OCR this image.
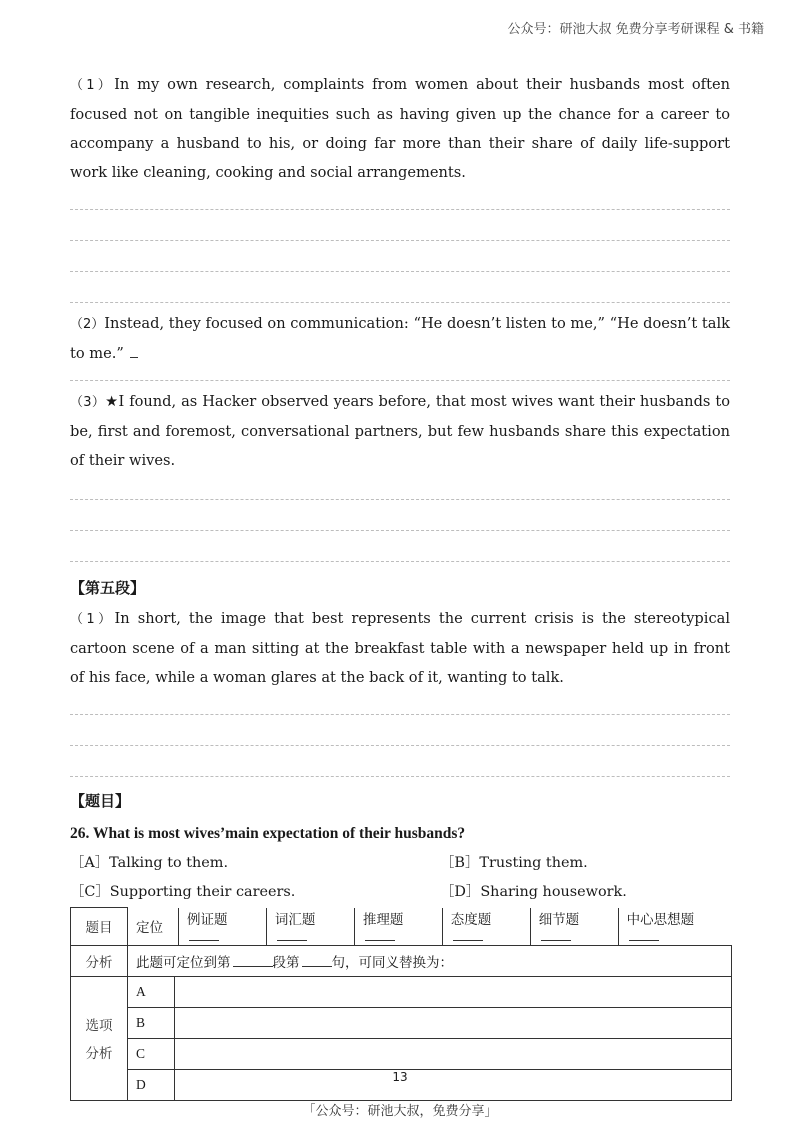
公众号：研池大叔 免费分享考研课程 & 书籍

（1）In my own research, complaints from women about their husbands most often focused not on tangible inequities such as having given up the chance for a career to accompany a husband to his, or doing far more than their share of daily life-support work like cleaning, cooking and social arrangements.

（2）Instead, they focused on communication: “He doesn’t listen to me,” “He doesn’t talk to me.”

（3）★I found, as Hacker observed years before, that most wives want their husbands to be, first and foremost, conversational partners, but few husbands share this expectation of their wives.

【第五段】

（1）In short, the image that best represents the current crisis is the stereotypical cartoon scene of a man sitting at the breakfast table with a newspaper held up in front of his face, while a woman glares at the back of it, wanting to talk.

【题目】
26. What is most wives’main expectation of their husbands?
［A］Talking to them.	［B］Trusting them.
［C］Supporting their careers.	［D］Sharing housework.
题目	定位	例证题	词汇题	推理题	态度题	细节题	中心思想题

分析	此题可定位到第	段第 句，可同义替换为：

选项
分析
	A	
B	
C	
D		13
「公众号：研池大叔，免费分享」
